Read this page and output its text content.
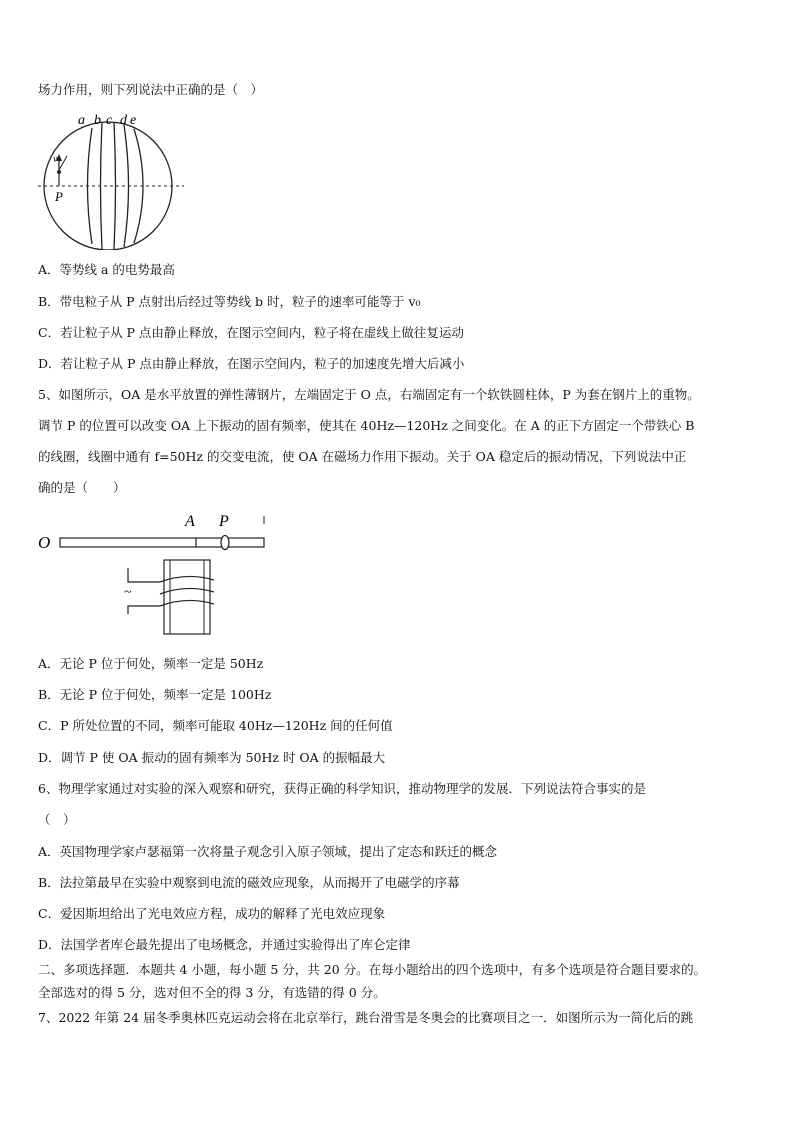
场力作用，则下列说法中正确的是（　）
a b c d e
v
P
A．等势线 a 的电势最高
B．带电粒子从 P 点射出后经过等势线 b 时，粒子的速率可能等于 v₀
C．若让粒子从 P 点由静止释放，在图示空间内，粒子将在虚线上做往复运动
D．若让粒子从 P 点由静止释放，在图示空间内，粒子的加速度先增大后减小
5、如图所示，OA 是水平放置的弹性薄钢片，左端固定于 O 点，右端固定有一个软铁圆柱体，P 为套在钢片上的重物。
调节 P 的位置可以改变 OA 上下振动的固有频率，使其在 40Hz—120Hz 之间变化。在 A 的正下方固定一个带铁心 B
的线圈，线圈中通有 f=50Hz 的交变电流，使 OA 在磁场力作用下振动。关于 OA 稳定后的振动情况，下列说法中正
确的是（　　）
O
A P
~
A．无论 P 位于何处，频率一定是 50Hz
B．无论 P 位于何处，频率一定是 100Hz
C．P 所处位置的不同，频率可能取 40Hz—120Hz 间的任何值
D．调节 P 使 OA 振动的固有频率为 50Hz 时 OA 的振幅最大
6、物理学家通过对实验的深入观察和研究，获得正确的科学知识，推动物理学的发展．下列说法符合事实的是
（　）
A．英国物理学家卢瑟福第一次将量子观念引入原子领域，提出了定态和跃迁的概念
B．法拉第最早在实验中观察到电流的磁效应现象，从而揭开了电磁学的序幕
C．爱因斯坦给出了光电效应方程，成功的解释了光电效应现象
D．法国学者库仑最先提出了电场概念，并通过实验得出了库仑定律
二、多项选择题．本题共 4 小题，每小题 5 分，共 20 分。在每小题给出的四个选项中，有多个选项是符合题目要求的。
全部选对的得 5 分，选对但不全的得 3 分，有选错的得 0 分。
7、2022 年第 24 届冬季奥林匹克运动会将在北京举行，跳台滑雪是冬奥会的比赛项目之一．如图所示为一简化后的跳
